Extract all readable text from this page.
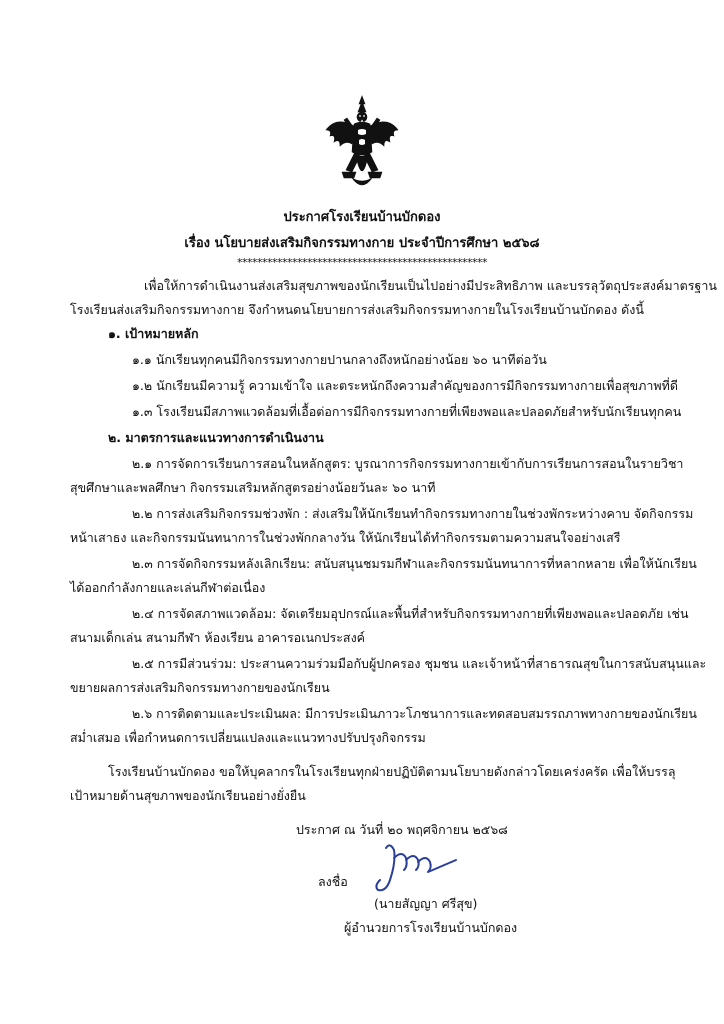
ประกาศโรงเรียนบ้านบักดอง
เรื่อง นโยบายส่งเสริมกิจกรรมทางกาย ประจำปีการศึกษา ๒๕๖๘
**************************************************
เพื่อให้การดำเนินงานส่งเสริมสุขภาพของนักเรียนเป็นไปอย่างมีประสิทธิภาพ และบรรลุวัตถุประสงค์มาตรฐาน
โรงเรียนส่งเสริมกิจกรรมทางกาย จึงกำหนดนโยบายการส่งเสริมกิจกรรมทางกายในโรงเรียนบ้านบักดอง ดังนี้
๑. เป้าหมายหลัก
๑.๑ นักเรียนทุกคนมีกิจกรรมทางกายปานกลางถึงหนักอย่างน้อย ๖๐ นาทีต่อวัน
๑.๒ นักเรียนมีความรู้ ความเข้าใจ และตระหนักถึงความสำคัญของการมีกิจกรรมทางกายเพื่อสุขภาพที่ดี
๑.๓ โรงเรียนมีสภาพแวดล้อมที่เอื้อต่อการมีกิจกรรมทางกายที่เพียงพอและปลอดภัยสำหรับนักเรียนทุกคน
๒. มาตรการและแนวทางการดำเนินงาน
๒.๑ การจัดการเรียนการสอนในหลักสูตร: บูรณาการกิจกรรมทางกายเข้ากับการเรียนการสอนในรายวิชา
สุขศึกษาและพลศึกษา กิจกรรมเสริมหลักสูตรอย่างน้อยวันละ ๖๐ นาที
๒.๒ การส่งเสริมกิจกรรมช่วงพัก : ส่งเสริมให้นักเรียนทำกิจกรรมทางกายในช่วงพักระหว่างคาบ จัดกิจกรรม
หน้าเสาธง และกิจกรรมนันทนาการในช่วงพักกลางวัน ให้นักเรียนได้ทำกิจกรรมตามความสนใจอย่างเสรี
๒.๓ การจัดกิจกรรมหลังเลิกเรียน: สนับสนุนชมรมกีฬาและกิจกรรมนันทนาการที่หลากหลาย เพื่อให้นักเรียน
ได้ออกกำลังกายและเล่นกีฬาต่อเนื่อง
๒.๔ การจัดสภาพแวดล้อม: จัดเตรียมอุปกรณ์และพื้นที่สำหรับกิจกรรมทางกายที่เพียงพอและปลอดภัย เช่น
สนามเด็กเล่น สนามกีฬา ห้องเรียน อาคารอเนกประสงค์
๒.๕ การมีส่วนร่วม: ประสานความร่วมมือกับผู้ปกครอง ชุมชน และเจ้าหน้าที่สาธารณสุขในการสนับสนุนและ
ขยายผลการส่งเสริมกิจกรรมทางกายของนักเรียน
๒.๖ การติดตามและประเมินผล: มีการประเมินภาวะโภชนาการและทดสอบสมรรถภาพทางกายของนักเรียน
สม่ำเสมอ เพื่อกำหนดการเปลี่ยนแปลงและแนวทางปรับปรุงกิจกรรม
โรงเรียนบ้านบักดอง ขอให้บุคลากรในโรงเรียนทุกฝ่ายปฏิบัติตามนโยบายดังกล่าวโดยเคร่งครัด เพื่อให้บรรลุ
เป้าหมายด้านสุขภาพของนักเรียนอย่างยั่งยืน
ประกาศ ณ วันที่ ๒๐ พฤศจิกายน ๒๕๖๘
ลงชื่อ
(นายสัญญา ศรีสุข)
ผู้อำนวยการโรงเรียนบ้านบักดอง
